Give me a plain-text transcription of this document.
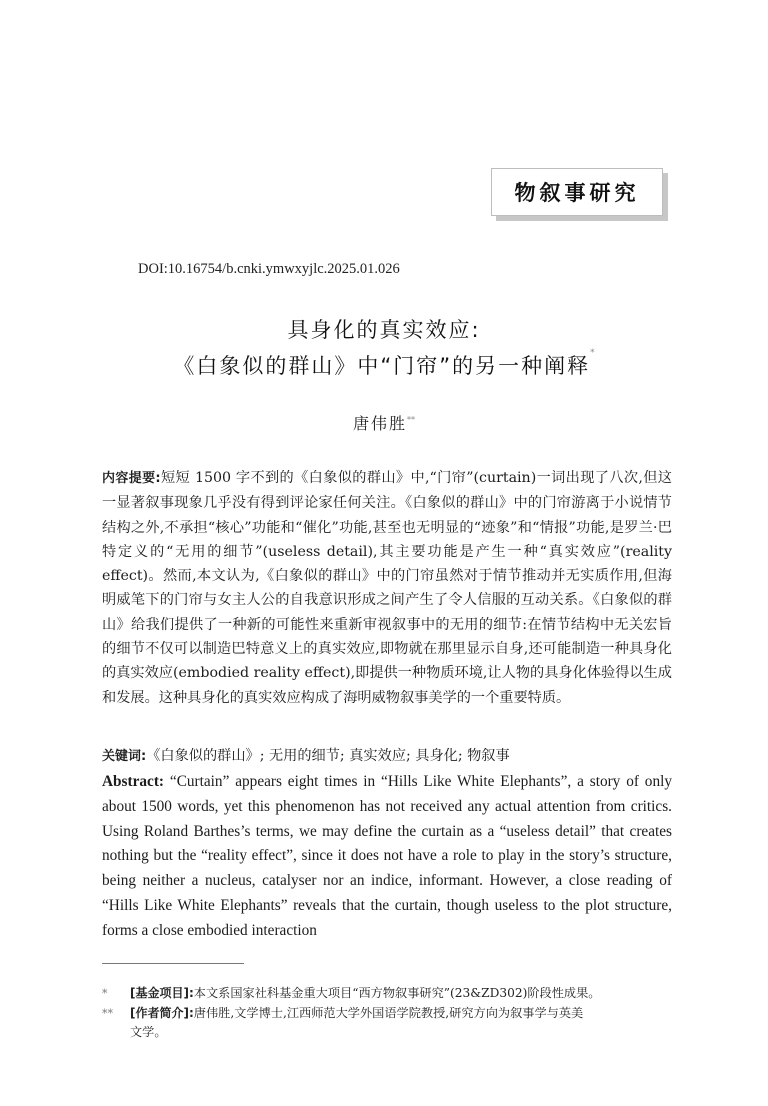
物叙事研究
DOI:10.16754/b.cnki.ymwxyjlc.2025.01.026
具身化的真实效应:
《白象似的群山》中“门帘”的另一种阐释*
唐伟胜**

内容提要:短短 1500 字不到的《白象似的群山》中,“门帘”(curtain)一词出现了八次,但这一显著叙事现象几乎没有得到评论家任何关注。《白象似的群山》中的门帘游离于小说情节结构之外,不承担“核心”功能和“催化”功能,甚至也无明显的“迹象”和“情报”功能,是罗兰·巴特定义的“无用的细节”(useless detail),其主要功能是产生一种“真实效应”(reality effect)。然而,本文认为,《白象似的群山》中的门帘虽然对于情节推动并无实质作用,但海明威笔下的门帘与女主人公的自我意识形成之间产生了令人信服的互动关系。《白象似的群山》给我们提供了一种新的可能性来重新审视叙事中的无用的细节:在情节结构中无关宏旨的细节不仅可以制造巴特意义上的真实效应,即物就在那里显示自身,还可能制造一种具身化的真实效应(embodied reality effect),即提供一种物质环境,让人物的具身化体验得以生成和发展。这种具身化的真实效应构成了海明威物叙事美学的一个重要特质。

关键词:《白象似的群山》; 无用的细节; 真实效应; 具身化; 物叙事
Abstract: “Curtain” appears eight times in “Hills Like White Elephants”, a story of only about 1500 words, yet this phenomenon has not received any actual attention from critics. Using Roland Barthes’s terms, we may define the curtain as a “useless detail” that creates nothing but the “reality effect”, since it does not have a role to play in the story’s structure, being neither a nucleus, catalyser nor an indice, informant. However, a close reading of “Hills Like White Elephants” reveals that the curtain, though useless to the plot structure, forms a close embodied interaction
* [基金项目]:本文系国家社科基金重大项目“西方物叙事研究”(23&ZD302)阶段性成果。
** [作者简介]:唐伟胜,文学博士,江西师范大学外国语学院教授,研究方向为叙事学与英美
文学。
